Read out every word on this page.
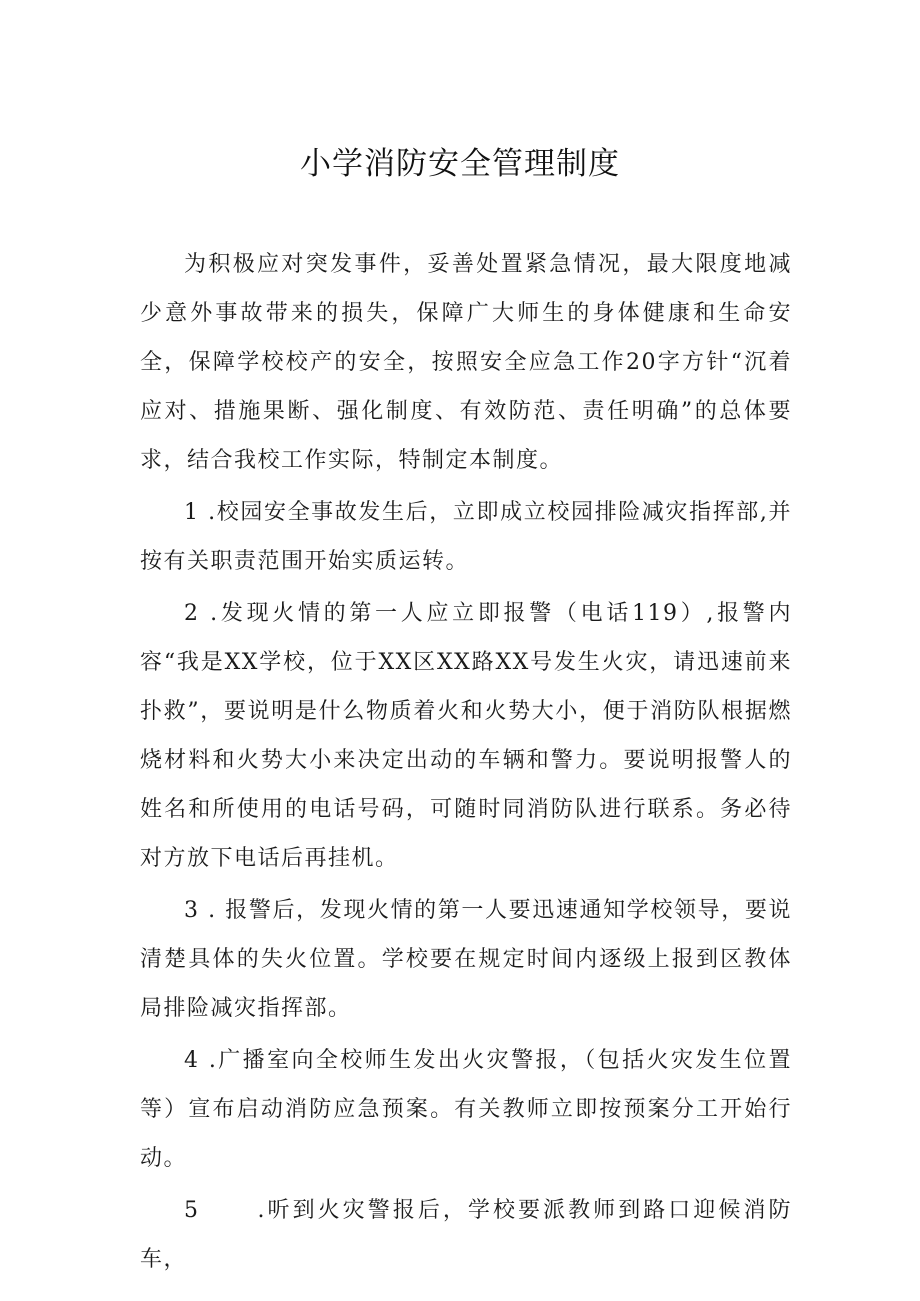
小学消防安全管理制度

为积极应对突发事件，妥善处置紧急情况，最大限度地减少意外事故带来的损失，保障广大师生的身体健康和生命安全，保障学校校产的安全，按照安全应急工作20字方针“沉着应对、措施果断、强化制度、有效防范、责任明确”的总体要求，结合我校工作实际，特制定本制度。

1 .校园安全事故发生后，立即成立校园排险减灾指挥部,并按有关职责范围开始实质运转。

2 .发现火情的第一人应立即报警（电话119）,报警内容“我是XX学校，位于XX区XX路XX号发生火灾，请迅速前来扑救”，要说明是什么物质着火和火势大小，便于消防队根据燃烧材料和火势大小来决定出动的车辆和警力。要说明报警人的姓名和所使用的电话号码，可随时同消防队进行联系。务必待对方放下电话后再挂机。

3 . 报警后，发现火情的第一人要迅速通知学校领导，要说清楚具体的失火位置。学校要在规定时间内逐级上报到区教体局排险减灾指挥部。

4 .广播室向全校师生发出火灾警报，（包括火灾发生位置等）宣布启动消防应急预案。有关教师立即按预案分工开始行动。

5	.听到火灾警报后，学校要派教师到路口迎候消防车，
